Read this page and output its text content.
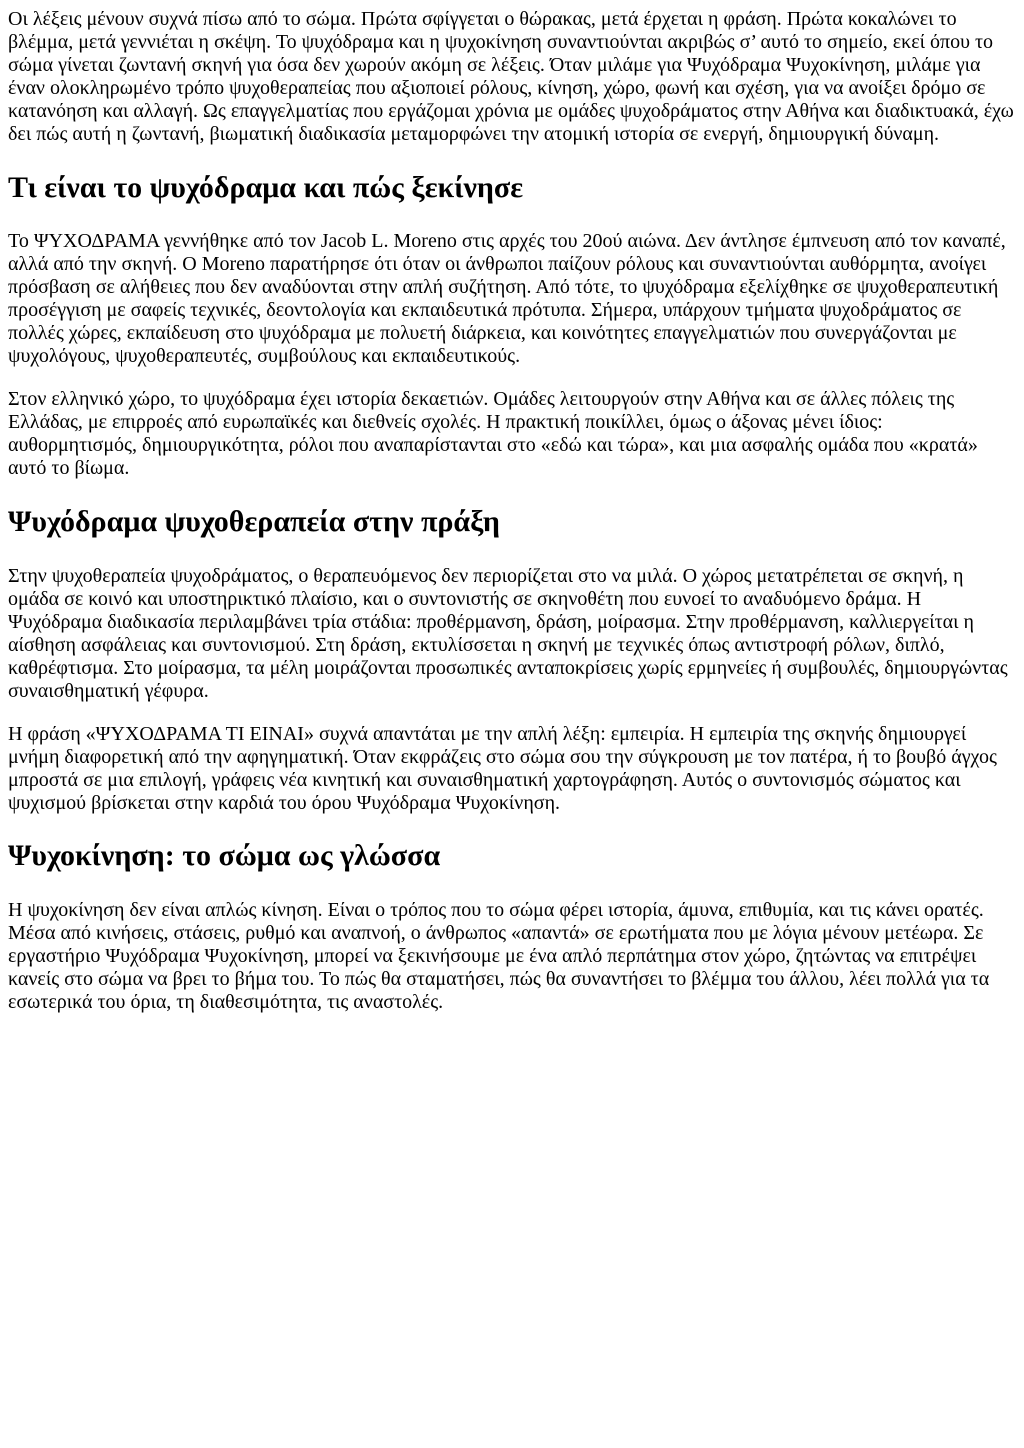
Οι λέξεις μένουν συχνά πίσω από το σώμα. Πρώτα σφίγγεται ο θώρακας, μετά έρχεται η φράση. Πρώτα κοκαλώνει το βλέμμα, μετά γεννιέται η σκέψη. Το ψυχόδραμα και η ψυχοκίνηση συναντιούνται ακριβώς σ’ αυτό το σημείο, εκεί όπου το σώμα γίνεται ζωντανή σκηνή για όσα δεν χωρούν ακόμη σε λέξεις. Όταν μιλάμε για Ψυχόδραμα Ψυχοκίνηση, μιλάμε για έναν ολοκληρωμένο τρόπο ψυχοθεραπείας που αξιοποιεί ρόλους, κίνηση, χώρο, φωνή και σχέση, για να ανοίξει δρόμο σε κατανόηση και αλλαγή. Ως επαγγελματίας που εργάζομαι χρόνια με ομάδες ψυχοδράματος στην Αθήνα και διαδικτυακά, έχω δει πώς αυτή η ζωντανή, βιωματική διαδικασία μεταμορφώνει την ατομική ιστορία σε ενεργή, δημιουργική δύναμη.

Τι είναι το ψυχόδραμα και πώς ξεκίνησε

Το ΨΥΧΟΔΡΑΜΑ γεννήθηκε από τον Jacob L. Moreno στις αρχές του 20ού αιώνα. Δεν άντλησε έμπνευση από τον καναπέ, αλλά από την σκηνή. Ο Moreno παρατήρησε ότι όταν οι άνθρωποι παίζουν ρόλους και συναντιούνται αυθόρμητα, ανοίγει πρόσβαση σε αλήθειες που δεν αναδύονται στην απλή συζήτηση. Από τότε, το ψυχόδραμα εξελίχθηκε σε ψυχοθεραπευτική προσέγγιση με σαφείς τεχνικές, δεοντολογία και εκπαιδευτικά πρότυπα. Σήμερα, υπάρχουν τμήματα ψυχοδράματος σε πολλές χώρες, εκπαίδευση στο ψυχόδραμα με πολυετή διάρκεια, και κοινότητες επαγγελματιών που συνεργάζονται με ψυχολόγους, ψυχοθεραπευτές, συμβούλους και εκπαιδευτικούς.

Στον ελληνικό χώρο, το ψυχόδραμα έχει ιστορία δεκαετιών. Ομάδες λειτουργούν στην Αθήνα και σε άλλες πόλεις της Ελλάδας, με επιρροές από ευρωπαϊκές και διεθνείς σχολές. Η πρακτική ποικίλλει, όμως ο άξονας μένει ίδιος: αυθορμητισμός, δημιουργικότητα, ρόλοι που αναπαρίστανται στο «εδώ και τώρα», και μια ασφαλής ομάδα που «κρατά» αυτό το βίωμα.

Ψυχόδραμα ψυχοθεραπεία στην πράξη

Στην ψυχοθεραπεία ψυχοδράματος, ο θεραπευόμενος δεν περιορίζεται στο να μιλά. Ο χώρος μετατρέπεται σε σκηνή, η ομάδα σε κοινό και υποστηρικτικό πλαίσιο, και ο συντονιστής σε σκηνοθέτη που ευνοεί το αναδυόμενο δράμα. Η Ψυχόδραμα διαδικασία περιλαμβάνει τρία στάδια: προθέρμανση, δράση, μοίρασμα. Στην προθέρμανση, καλλιεργείται η αίσθηση ασφάλειας και συντονισμού. Στη δράση, εκτυλίσσεται η σκηνή με τεχνικές όπως αντιστροφή ρόλων, διπλό, καθρέφτισμα. Στο μοίρασμα, τα μέλη μοιράζονται προσωπικές ανταποκρίσεις χωρίς ερμηνείες ή συμβουλές, δημιουργώντας συναισθηματική γέφυρα.

Η φράση «ΨΥΧΟΔΡΑΜΑ ΤΙ ΕΙΝΑΙ» συχνά απαντάται με την απλή λέξη: εμπειρία. Η εμπειρία της σκηνής δημιουργεί μνήμη διαφορετική από την αφηγηματική. Όταν εκφράζεις στο σώμα σου την σύγκρουση με τον πατέρα, ή το βουβό άγχος μπροστά σε μια επιλογή, γράφεις νέα κινητική και συναισθηματική χαρτογράφηση. Αυτός ο συντονισμός σώματος και ψυχισμού βρίσκεται στην καρδιά του όρου Ψυχόδραμα Ψυχοκίνηση.

Ψυχοκίνηση: το σώμα ως γλώσσα

Η ψυχοκίνηση δεν είναι απλώς κίνηση. Είναι ο τρόπος που το σώμα φέρει ιστορία, άμυνα, επιθυμία, και τις κάνει ορατές. Μέσα από κινήσεις, στάσεις, ρυθμό και αναπνοή, ο άνθρωπος «απαντά» σε ερωτήματα που με λόγια μένουν μετέωρα. Σε εργαστήριο Ψυχόδραμα Ψυχοκίνηση, μπορεί να ξεκινήσουμε με ένα απλό περπάτημα στον χώρο, ζητώντας να επιτρέψει κανείς στο σώμα να βρει το βήμα του. Το πώς θα σταματήσει, πώς θα συναντήσει το βλέμμα του άλλου, λέει πολλά για τα εσωτερικά του όρια, τη διαθεσιμότητα, τις αναστολές.
